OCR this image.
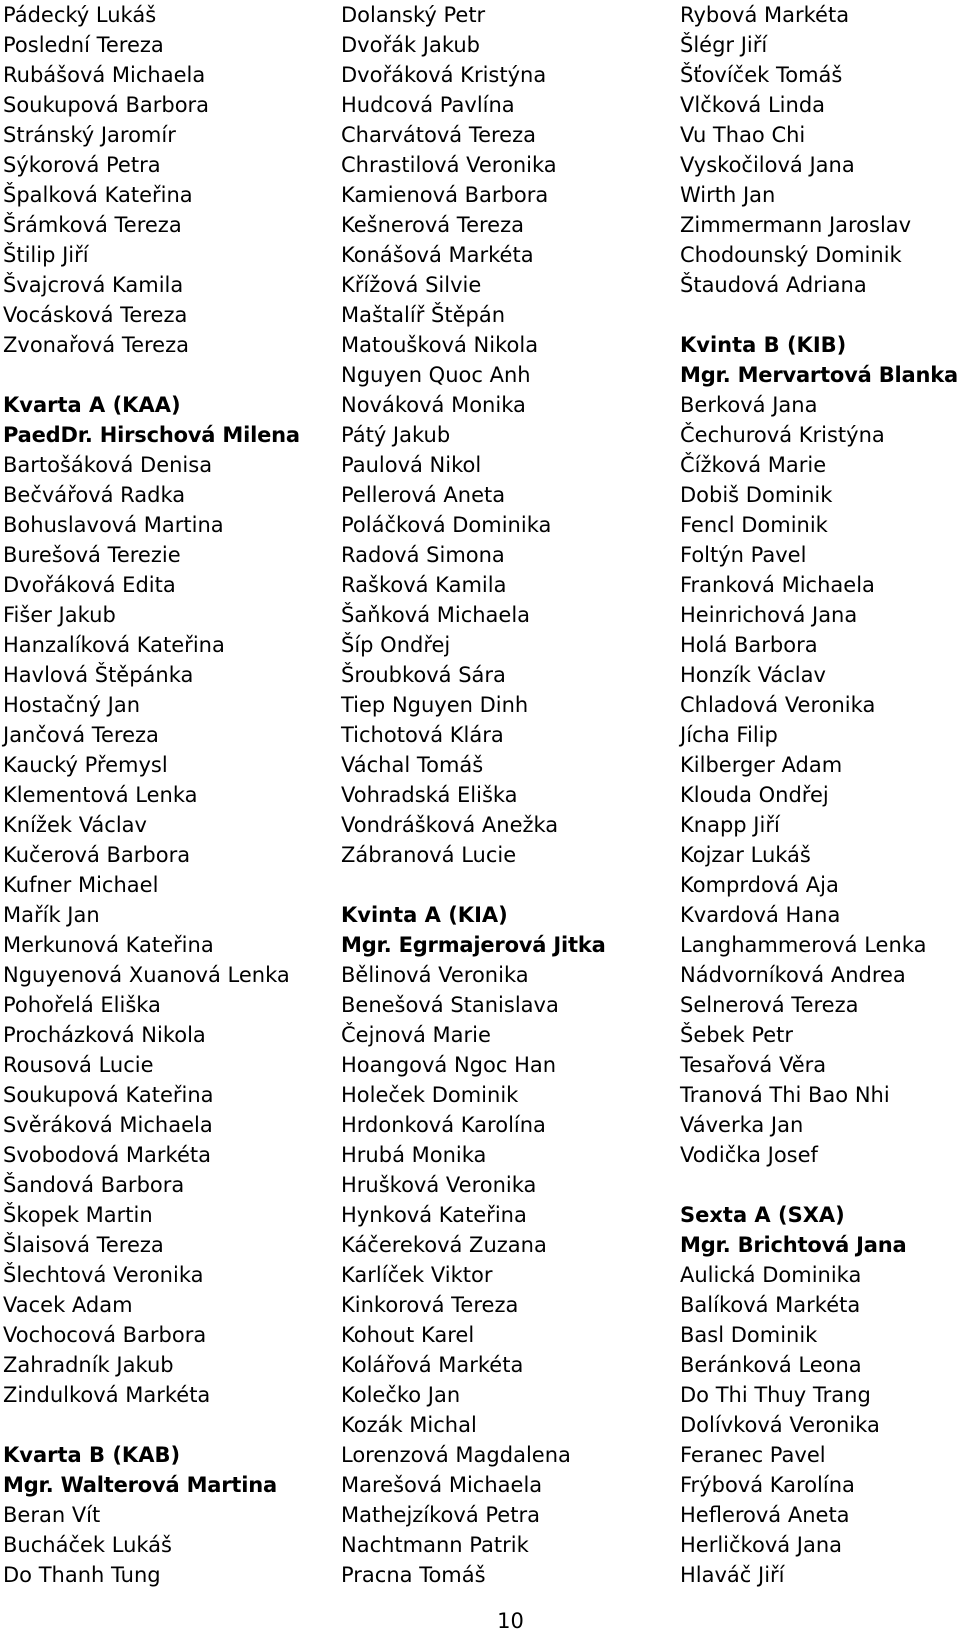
Pádecký Lukáš
Poslední Tereza
Rubášová Michaela
Soukupová Barbora
Stránský Jaromír
Sýkorová Petra
Špalková Kateřina
Šrámková Tereza
Štilip Jiří
Švajcrová Kamila
Vocásková Tereza
Zvonařová Tereza
Kvarta A (KAA)
PaedDr. Hirschová Milena
Bartošáková Denisa
Bečvářová Radka
Bohuslavová Martina
Burešová Terezie
Dvořáková Edita
Fišer Jakub
Hanzalíková Kateřina
Havlová Štěpánka
Hostačný Jan
Jančová Tereza
Kaucký Přemysl
Klementová Lenka
Knížek Václav
Kučerová Barbora
Kufner Michael
Mařík Jan
Merkunová Kateřina
Nguyenová Xuanová Lenka
Pohořelá Eliška
Procházková Nikola
Rousová Lucie
Soukupová Kateřina
Svěráková Michaela
Svobodová Markéta
Šandová Barbora
Škopek Martin
Šlaisová Tereza
Šlechtová Veronika
Vacek Adam
Vochocová Barbora
Zahradník Jakub
Zindulková Markéta
Kvarta B (KAB)
Mgr. Walterová Martina
Beran Vít
Bucháček Lukáš
Do Thanh Tung
Dolanský Petr
Dvořák Jakub
Dvořáková Kristýna
Hudcová Pavlína
Charvátová Tereza
Chrastilová Veronika
Kamienová Barbora
Kešnerová Tereza
Konášová Markéta
Křížová Silvie
Maštalíř Štěpán
Matoušková Nikola
Nguyen Quoc Anh
Nováková Monika
Pátý Jakub
Paulová Nikol
Pellerová Aneta
Poláčková Dominika
Radová Simona
Rašková Kamila
Šaňková Michaela
Šíp Ondřej
Šroubková Sára
Tiep Nguyen Dinh
Tichotová Klára
Váchal Tomáš
Vohradská Eliška
Vondrášková Anežka
Zábranová Lucie
Kvinta A (KIA)
Mgr. Egrmajerová Jitka
Bělinová Veronika
Benešová Stanislava
Čejnová Marie
Hoangová Ngoc Han
Holeček Dominik
Hrdonková Karolína
Hrubá Monika
Hrušková Veronika
Hynková Kateřina
Káčereková Zuzana
Karlíček Viktor
Kinkorová Tereza
Kohout Karel
Kolářová Markéta
Kolečko Jan
Kozák Michal
Lorenzová Magdalena
Marešová Michaela
Mathejzíková Petra
Nachtmann Patrik
Pracna Tomáš
Rybová Markéta
Šlégr Jiří
Šťovíček Tomáš
Vlčková Linda
Vu Thao Chi
Vyskočilová Jana
Wirth Jan
Zimmermann Jaroslav
Chodounský Dominik
Štaudová Adriana
Kvinta B (KIB)
Mgr. Mervartová Blanka
Berková Jana
Čechurová Kristýna
Čížková Marie
Dobiš Dominik
Fencl Dominik
Foltýn Pavel
Franková Michaela
Heinrichová Jana
Holá Barbora
Honzík Václav
Chladová Veronika
Jícha Filip
Kilberger Adam
Klouda Ondřej
Knapp Jiří
Kojzar Lukáš
Komprdová Aja
Kvardová Hana
Langhammerová Lenka
Nádvorníková Andrea
Selnerová Tereza
Šebek Petr
Tesařová Věra
Tranová Thi Bao Nhi
Váverka Jan
Vodička Josef
Sexta A (SXA)
Mgr. Brichtová Jana
Aulická Dominika
Balíková Markéta
Basl Dominik
Beránková Leona
Do Thi Thuy Trang
Dolívková Veronika
Feranec Pavel
Frýbová Karolína
Heflerová Aneta
Herličková Jana
Hlaváč Jiří
10
